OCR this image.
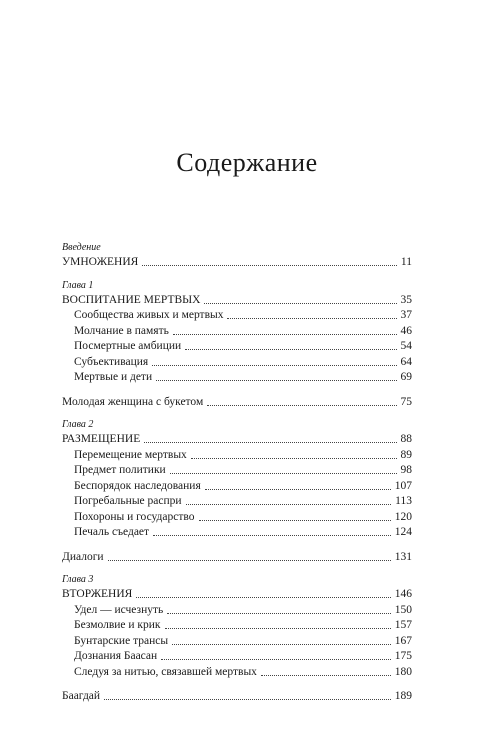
Содержание
Введение
УМНОЖЕНИЯ	11
Глава 1
ВОСПИТАНИЕ МЕРТВЫХ	35
Сообщества живых и мертвых	37
Молчание в память	46
Посмертные амбиции	54
Субъективация	64
Мертвые и дети	69
Молодая женщина с букетом	75
Глава 2
РАЗМЕЩЕНИЕ	88
Перемещение мертвых	89
Предмет политики	98
Беспорядок наследования	107
Погребальные распри	113
Похороны и государство	120
Печаль съедает	124
Диалоги	131
Глава 3
ВТОРЖЕНИЯ	146
Удел — исчезнуть	150
Безмолвие и крик	157
Бунтарские трансы	167
Дознания Баасан	175
Следуя за нитью, связавшей мертвых	180
Баагдай	189
